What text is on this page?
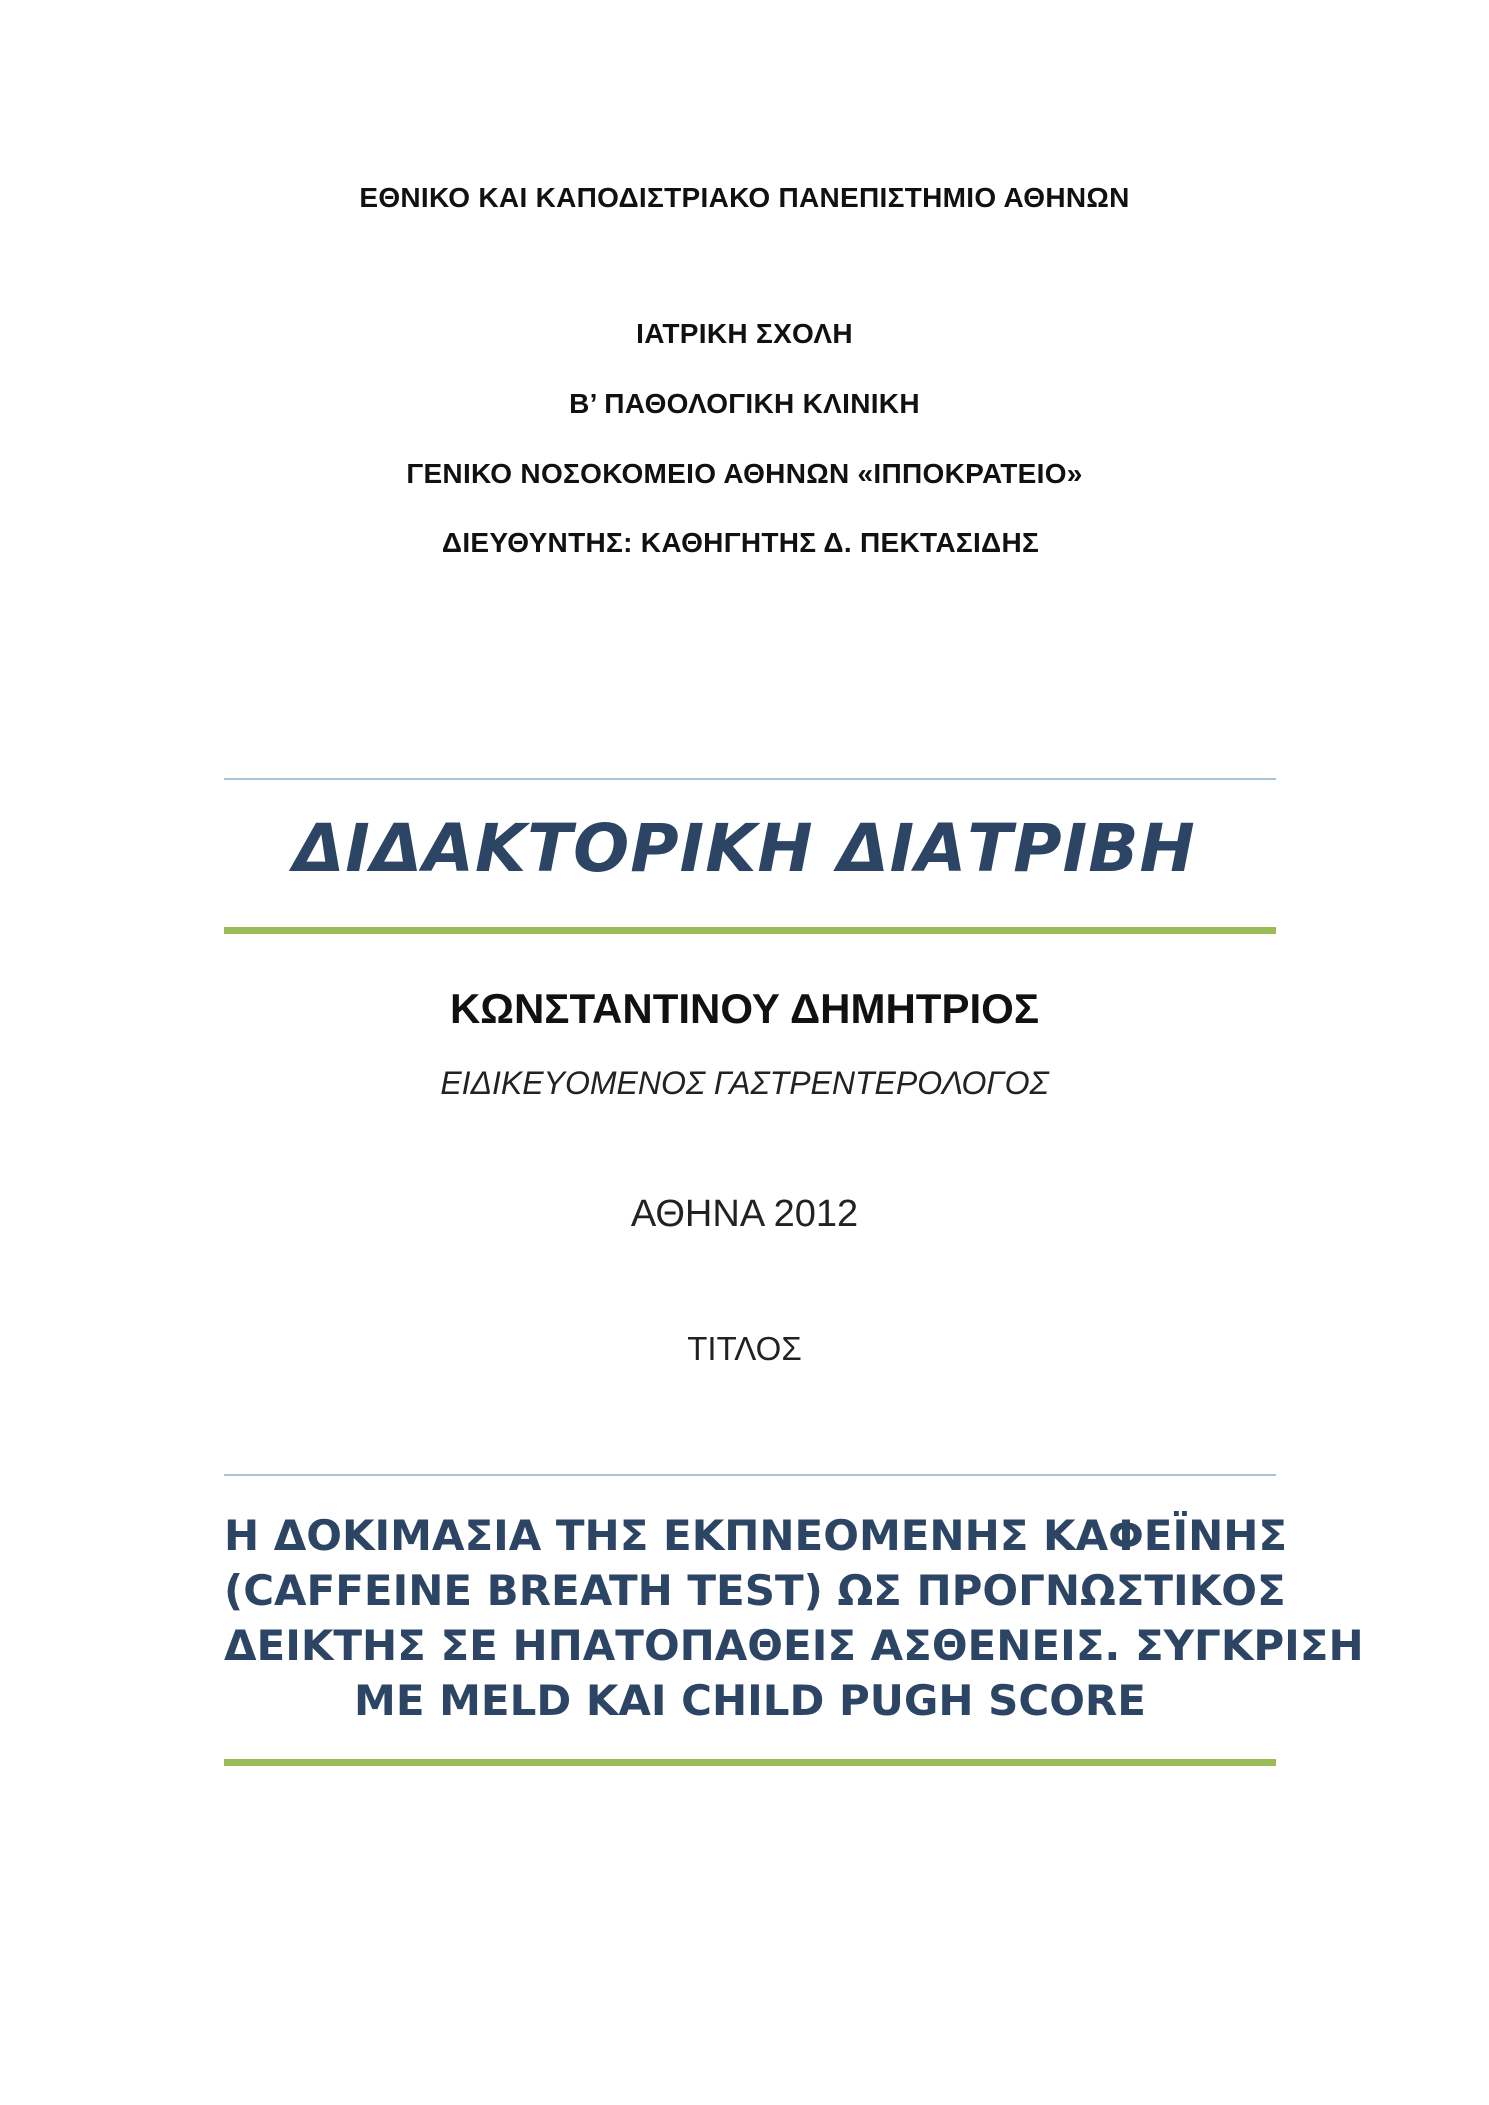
ΕΘΝΙΚΟ ΚΑΙ ΚΑΠΟΔΙΣΤΡΙΑΚΟ ΠΑΝΕΠΙΣΤΗΜΙΟ ΑΘΗΝΩΝ
ΙΑΤΡΙΚΗ ΣΧΟΛΗ
Β’ ΠΑΘΟΛΟΓΙΚΗ ΚΛΙΝΙΚΗ
ΓΕΝΙΚΟ ΝΟΣΟΚΟΜΕΙΟ ΑΘΗΝΩΝ «ΙΠΠΟΚΡΑΤΕΙΟ»
ΔΙΕΥΘΥΝΤΗΣ: ΚΑΘΗΓΗΤΗΣ Δ. ΠΕΚΤΑΣΙΔΗΣ
ΔΙΔΑΚΤΟΡΙΚΗ ΔΙΑΤΡΙΒΗ
ΚΩΝΣΤΑΝΤΙΝΟΥ ΔΗΜΗΤΡΙΟΣ
ΕΙΔΙΚΕΥΟΜΕΝΟΣ ΓΑΣΤΡΕΝΤΕΡΟΛΟΓΟΣ
ΑΘΗΝΑ 2012
ΤΙΤΛΟΣ
Η ΔΟΚΙΜΑΣΙΑ ΤΗΣ ΕΚΠΝΕΟΜΕΝΗΣ ΚΑΦΕΪΝΗΣ
(CAFFEINE BREATH TEST) ΩΣ ΠΡΟΓΝΩΣΤΙΚΟΣ
ΔΕΙΚΤΗΣ ΣΕ ΗΠΑΤΟΠΑΘΕΙΣ ΑΣΘΕΝΕΙΣ. ΣΥΓΚΡΙΣΗ
ΜΕ MELD ΚΑΙ CHILD PUGH SCORE
